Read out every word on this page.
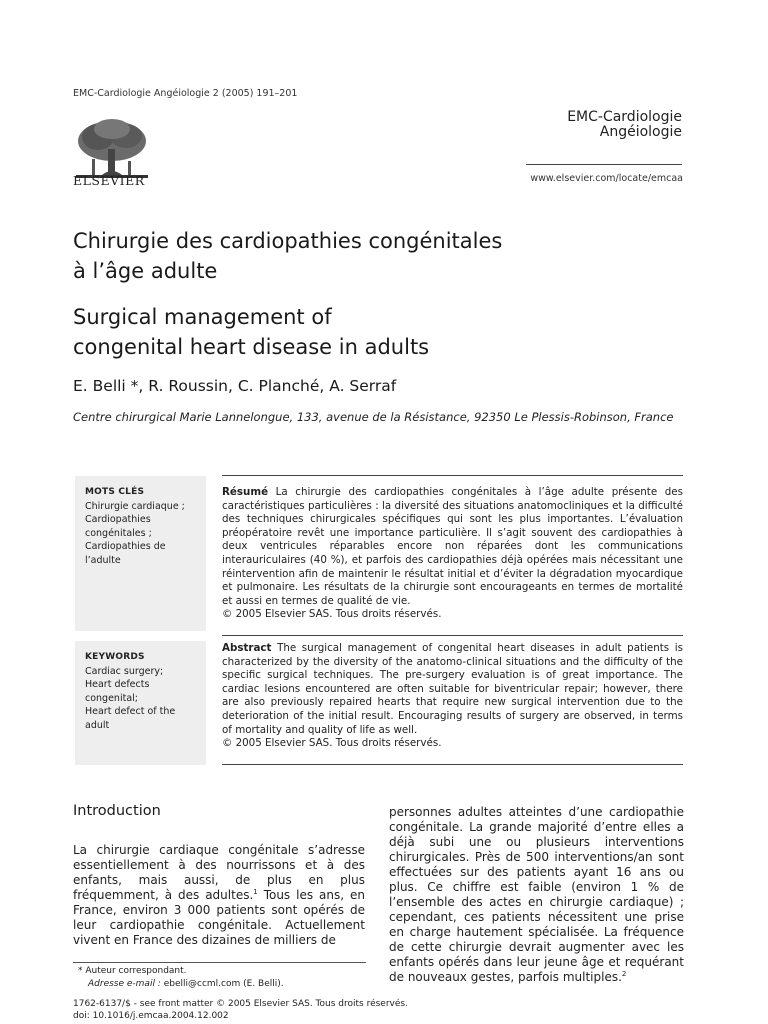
EMC-Cardiologie Angéiologie 2 (2005) 191–201
ELSEVIER
EMC-Cardiologie
Angéiologie
www.elsevier.com/locate/emcaa
Chirurgie des cardiopathies congénitales
à l’âge adulte
Surgical management of
congenital heart disease in adults
E. Belli *, R. Roussin, C. Planché, A. Serraf
Centre chirurgical Marie Lannelongue, 133, avenue de la Résistance, 92350 Le Plessis-Robinson, France
MOTS CLÉS
Chirurgie cardiaque ;
Cardiopathies
congénitales ;
Cardiopathies de
l’adulte
KEYWORDS
Cardiac surgery;
Heart defects
congenital;
Heart defect of the
adult
Résumé La chirurgie des cardiopathies congénitales à l’âge adulte présente des caractéristiques particulières : la diversité des situations anatomocliniques et la difficulté des techniques chirurgicales spécifiques qui sont les plus importantes. L’évaluation préopératoire revêt une importance particulière. Il s’agit souvent des cardiopathies à deux ventricules réparables encore non réparées dont les communications interauriculaires (40 %), et parfois des cardiopathies déjà opérées mais nécessitant une réintervention afin de maintenir le résultat initial et d’éviter la dégradation myocardique et pulmonaire. Les résultats de la chirurgie sont encourageants en termes de mortalité et aussi en termes de qualité de vie.
© 2005 Elsevier SAS. Tous droits réservés.
Abstract The surgical management of congenital heart diseases in adult patients is characterized by the diversity of the anatomo-clinical situations and the difficulty of the specific surgical techniques. The pre-surgery evaluation is of great importance. The cardiac lesions encountered are often suitable for biventricular repair; however, there are also previously repaired hearts that require new surgical intervention due to the deterioration of the initial result. Encouraging results of surgery are observed, in terms of mortality and quality of life as well.
© 2005 Elsevier SAS. Tous droits réservés.
Introduction
La chirurgie cardiaque congénitale s’adresse essentiellement à des nourrissons et à des enfants, mais aussi, de plus en plus fréquemment, à des adultes.$^1$ Tous les ans, en France, environ 3 000 patients sont opérés de leur cardiopathie congénitale. Actuellement vivent en France des dizaines de milliers de
personnes adultes atteintes d’une cardiopathie congénitale. La grande majorité d’entre elles a déjà subi une ou plusieurs interventions chirurgicales. Près de 500 interventions/an sont effectuées sur des patients ayant 16 ans ou plus. Ce chiffre est faible (environ 1 % de l’ensemble des actes en chirurgie cardiaque) ; cependant, ces patients nécessitent une prise en charge hautement spécialisée. La fréquence de cette chirurgie devrait augmenter avec les enfants opérés dans leur jeune âge et requérant de nouveaux gestes, parfois multiples.$^2$
* Auteur correspondant.
Adresse e-mail : ebelli@ccml.com (E. Belli).
1762-6137/$ - see front matter © 2005 Elsevier SAS. Tous droits réservés.
doi: 10.1016/j.emcaa.2004.12.002
